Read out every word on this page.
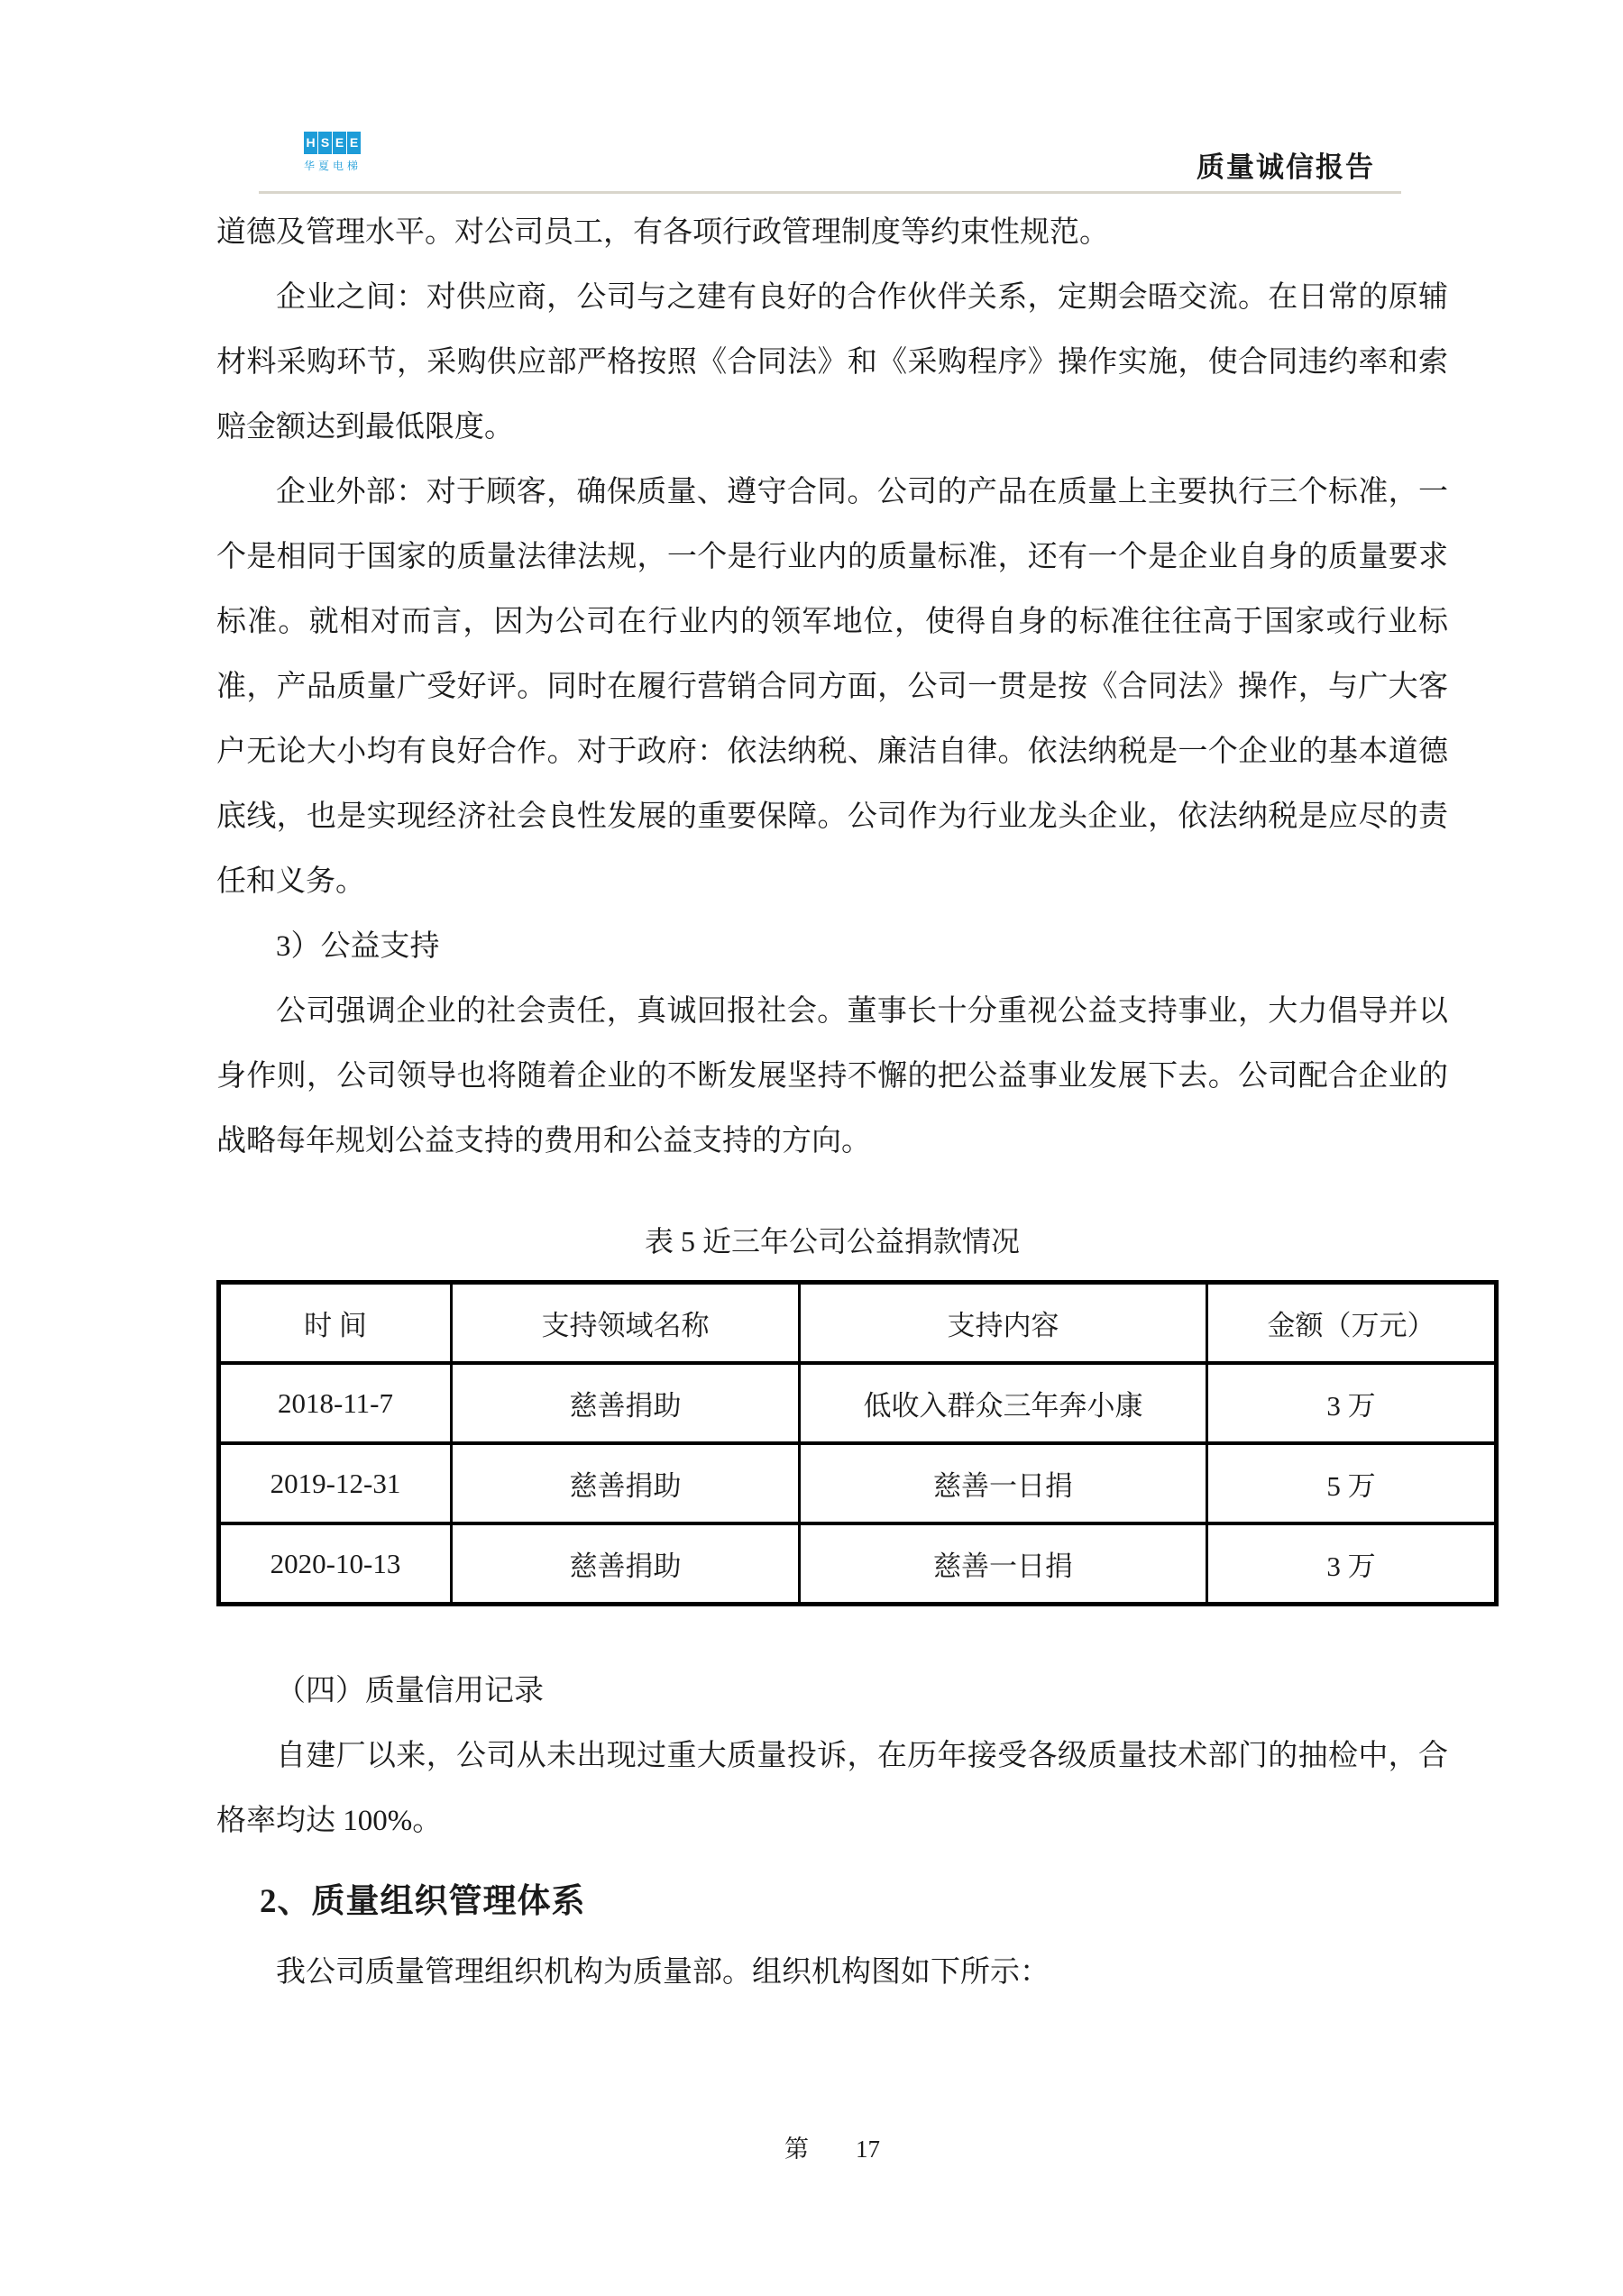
H S E E
华夏电梯	质量诚信报告

道德及管理水平。对公司员工，有各项行政管理制度等约束性规范。

企业之间：对供应商，公司与之建有良好的合作伙伴关系，定期会晤交流。在日常的原辅材料采购环节，采购供应部严格按照《合同法》和《采购程序》操作实施，使合同违约率和索赔金额达到最低限度。

企业外部：对于顾客，确保质量、遵守合同。公司的产品在质量上主要执行三个标准，一个是相同于国家的质量法律法规，一个是行业内的质量标准，还有一个是企业自身的质量要求标准。就相对而言，因为公司在行业内的领军地位，使得自身的标准往往高于国家或行业标准，产品质量广受好评。同时在履行营销合同方面，公司一贯是按《合同法》操作，与广大客户无论大小均有良好合作。对于政府：依法纳税、廉洁自律。依法纳税是一个企业的基本道德底线，也是实现经济社会良性发展的重要保障。公司作为行业龙头企业，依法纳税是应尽的责任和义务。

3）公益支持

公司强调企业的社会责任，真诚回报社会。董事长十分重视公益支持事业，大力倡导并以身作则，公司领导也将随着企业的不断发展坚持不懈的把公益事业发展下去。公司配合企业的战略每年规划公益支持的费用和公益支持的方向。

表 5 近三年公司公益捐款情况
时 间	支持领域名称	支持内容	金额（万元）
2018-11-7	慈善捐助	低收入群众三年奔小康	3 万
2019-12-31	慈善捐助	慈善一日捐	5 万
2020-10-13	慈善捐助	慈善一日捐	3 万

（四）质量信用记录

自建厂以来，公司从未出现过重大质量投诉，在历年接受各级质量技术部门的抽检中，合格率均达 100%。

2、质量组织管理体系

我公司质量管理组织机构为质量部。组织机构图如下所示：

第 17
